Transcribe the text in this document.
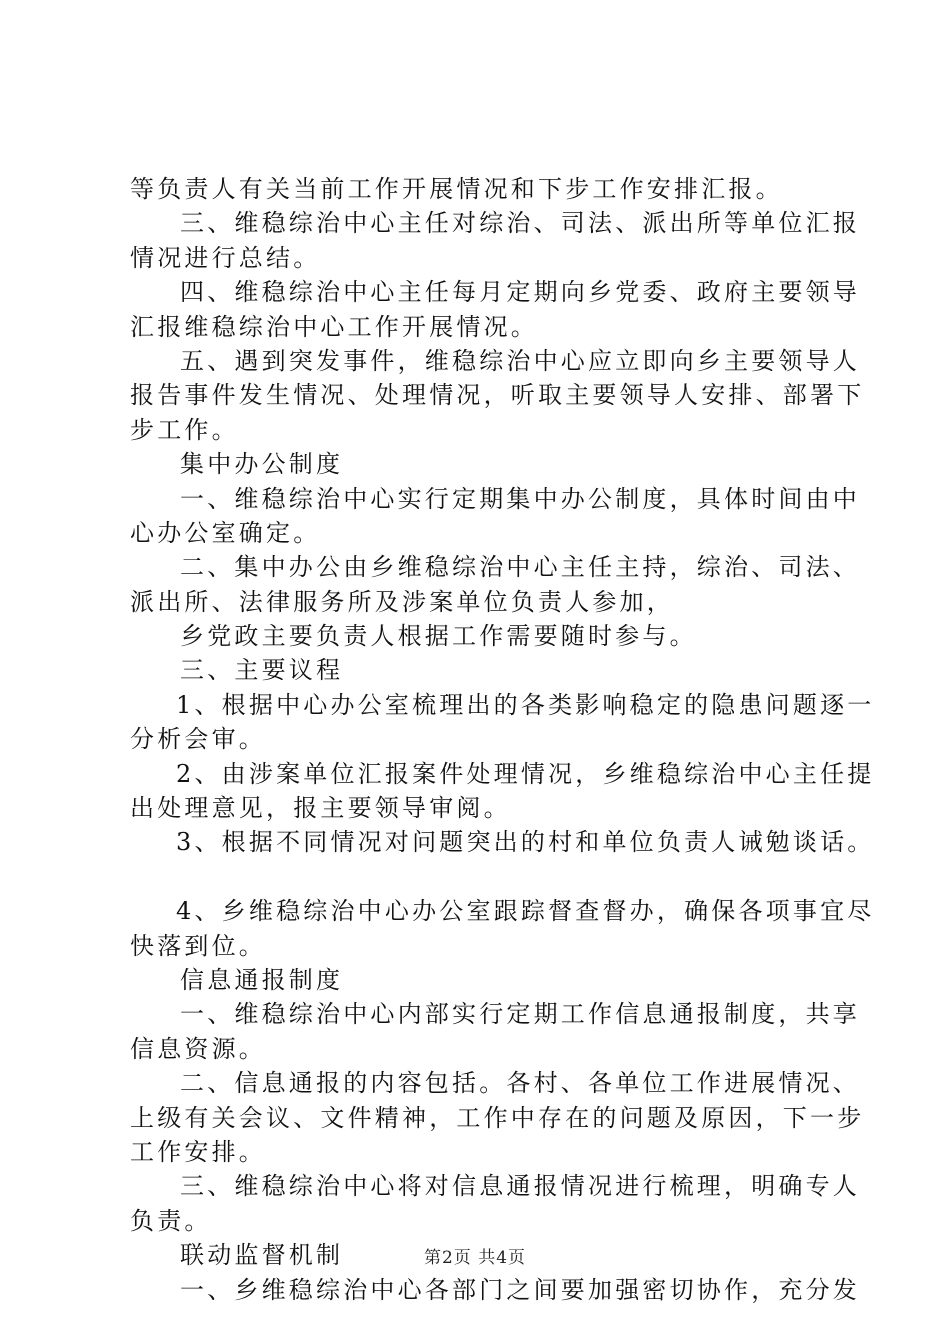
等负责人有关当前工作开展情况和下步工作安排汇报。
三、维稳综治中心主任对综治、司法、派出所等单位汇报
情况进行总结。
四、维稳综治中心主任每月定期向乡党委、政府主要领导
汇报维稳综治中心工作开展情况。
五、遇到突发事件，维稳综治中心应立即向乡主要领导人
报告事件发生情况、处理情况，听取主要领导人安排、部署下
步工作。
集中办公制度
一、维稳综治中心实行定期集中办公制度，具体时间由中
心办公室确定。
二、集中办公由乡维稳综治中心主任主持，综治、司法、
派出所、法律服务所及涉案单位负责人参加，
乡党政主要负责人根据工作需要随时参与。
三、主要议程
1、根据中心办公室梳理出的各类影响稳定的隐患问题逐一
分析会审。
2、由涉案单位汇报案件处理情况，乡维稳综治中心主任提
出处理意见，报主要领导审阅。
3、根据不同情况对问题突出的村和单位负责人诫勉谈话。
4、乡维稳综治中心办公室跟踪督查督办，确保各项事宜尽
快落到位。
信息通报制度
一、维稳综治中心内部实行定期工作信息通报制度，共享
信息资源。
二、信息通报的内容包括。各村、各单位工作进展情况、
上级有关会议、文件精神，工作中存在的问题及原因，下一步
工作安排。
三、维稳综治中心将对信息通报情况进行梳理，明确专人
负责。
联动监督机制
一、乡维稳综治中心各部门之间要加强密切协作，充分发
第2页 共4页
